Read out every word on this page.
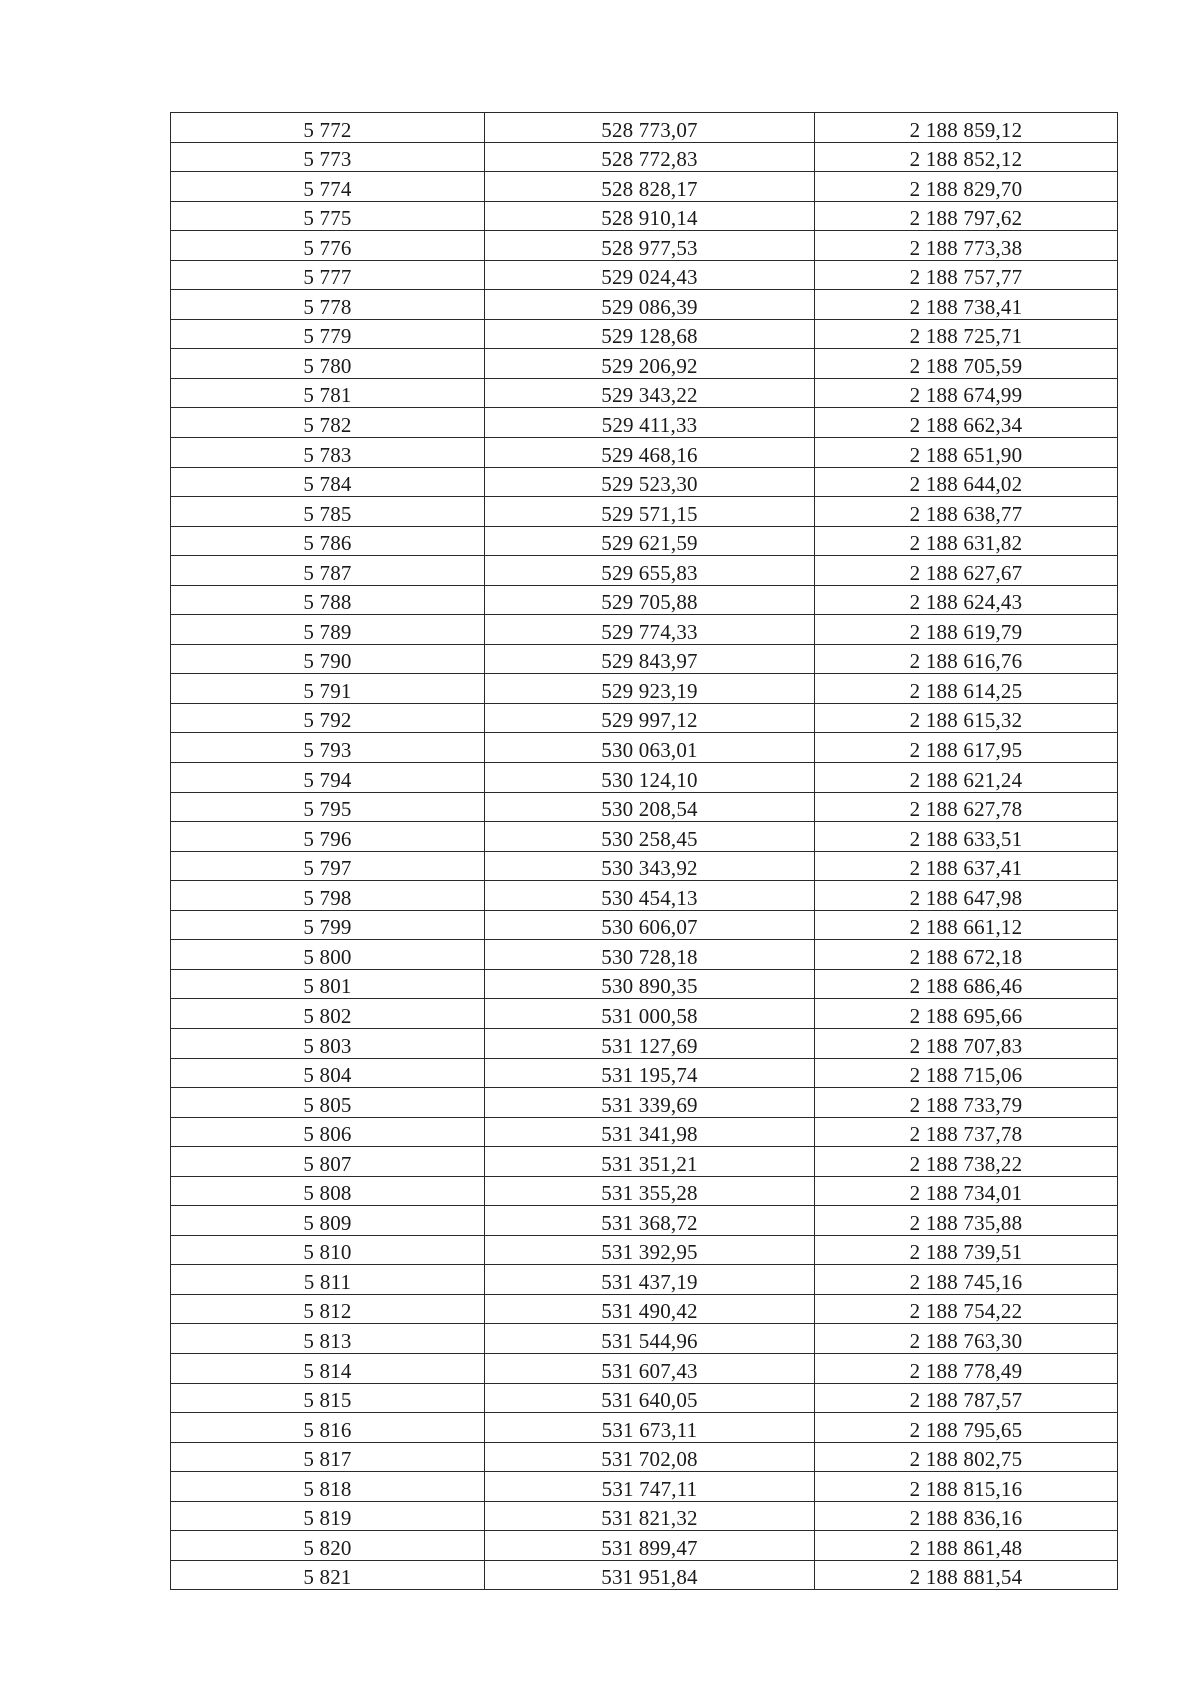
5 772	528 773,07	2 188 859,12
5 773	528 772,83	2 188 852,12
5 774	528 828,17	2 188 829,70
5 775	528 910,14	2 188 797,62
5 776	528 977,53	2 188 773,38
5 777	529 024,43	2 188 757,77
5 778	529 086,39	2 188 738,41
5 779	529 128,68	2 188 725,71
5 780	529 206,92	2 188 705,59
5 781	529 343,22	2 188 674,99
5 782	529 411,33	2 188 662,34
5 783	529 468,16	2 188 651,90
5 784	529 523,30	2 188 644,02
5 785	529 571,15	2 188 638,77
5 786	529 621,59	2 188 631,82
5 787	529 655,83	2 188 627,67
5 788	529 705,88	2 188 624,43
5 789	529 774,33	2 188 619,79
5 790	529 843,97	2 188 616,76
5 791	529 923,19	2 188 614,25
5 792	529 997,12	2 188 615,32
5 793	530 063,01	2 188 617,95
5 794	530 124,10	2 188 621,24
5 795	530 208,54	2 188 627,78
5 796	530 258,45	2 188 633,51
5 797	530 343,92	2 188 637,41
5 798	530 454,13	2 188 647,98
5 799	530 606,07	2 188 661,12
5 800	530 728,18	2 188 672,18
5 801	530 890,35	2 188 686,46
5 802	531 000,58	2 188 695,66
5 803	531 127,69	2 188 707,83
5 804	531 195,74	2 188 715,06
5 805	531 339,69	2 188 733,79
5 806	531 341,98	2 188 737,78
5 807	531 351,21	2 188 738,22
5 808	531 355,28	2 188 734,01
5 809	531 368,72	2 188 735,88
5 810	531 392,95	2 188 739,51
5 811	531 437,19	2 188 745,16
5 812	531 490,42	2 188 754,22
5 813	531 544,96	2 188 763,30
5 814	531 607,43	2 188 778,49
5 815	531 640,05	2 188 787,57
5 816	531 673,11	2 188 795,65
5 817	531 702,08	2 188 802,75
5 818	531 747,11	2 188 815,16
5 819	531 821,32	2 188 836,16
5 820	531 899,47	2 188 861,48
5 821	531 951,84	2 188 881,54
